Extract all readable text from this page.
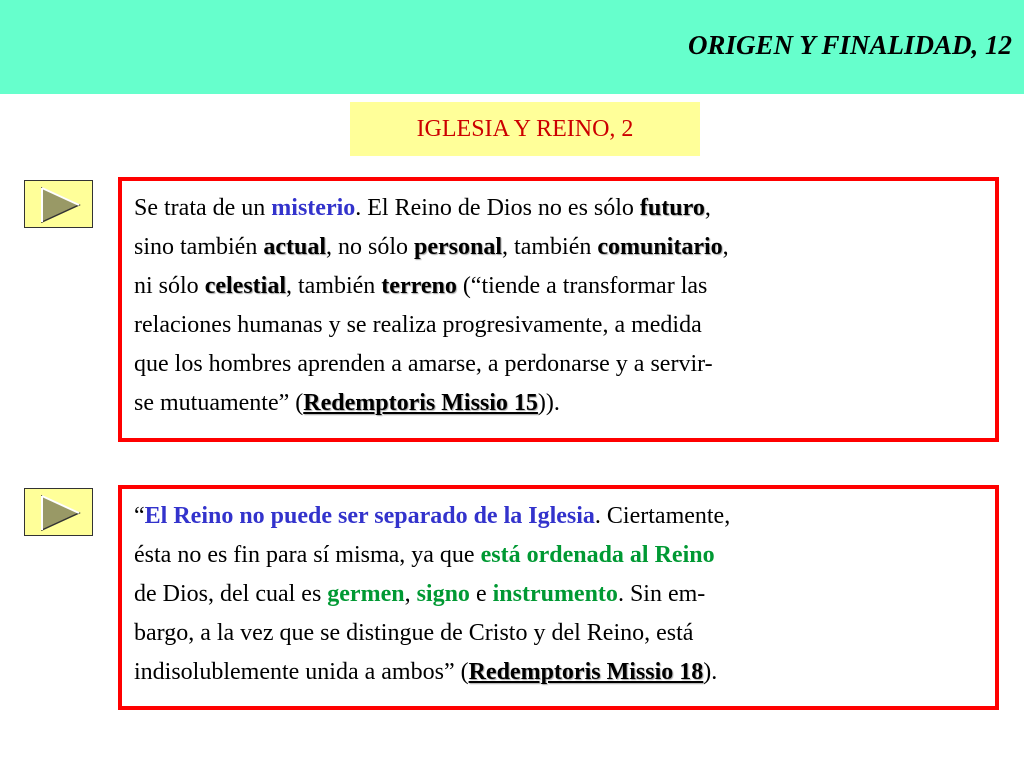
ORIGEN Y FINALIDAD, 12
IGLESIA Y REINO, 2

Se trata de un misterio. El Reino de Dios no es sólo futuro,
sino también actual, no sólo personal, también comunitario,
ni sólo celestial, también terreno (“tiende a transformar las
relaciones humanas y se realiza progresivamente, a medida
que los hombres aprenden a amarse, a perdonarse y a servir-
se mutuamente” (Redemptoris Missio 15)).

“El Reino no puede ser separado de la Iglesia. Ciertamente,
ésta no es fin para sí misma, ya que está ordenada al Reino
de Dios, del cual es germen, signo e instrumento. Sin em-
bargo, a la vez que se distingue de Cristo y del Reino, está
indisolublemente unida a ambos” (Redemptoris Missio 18).
